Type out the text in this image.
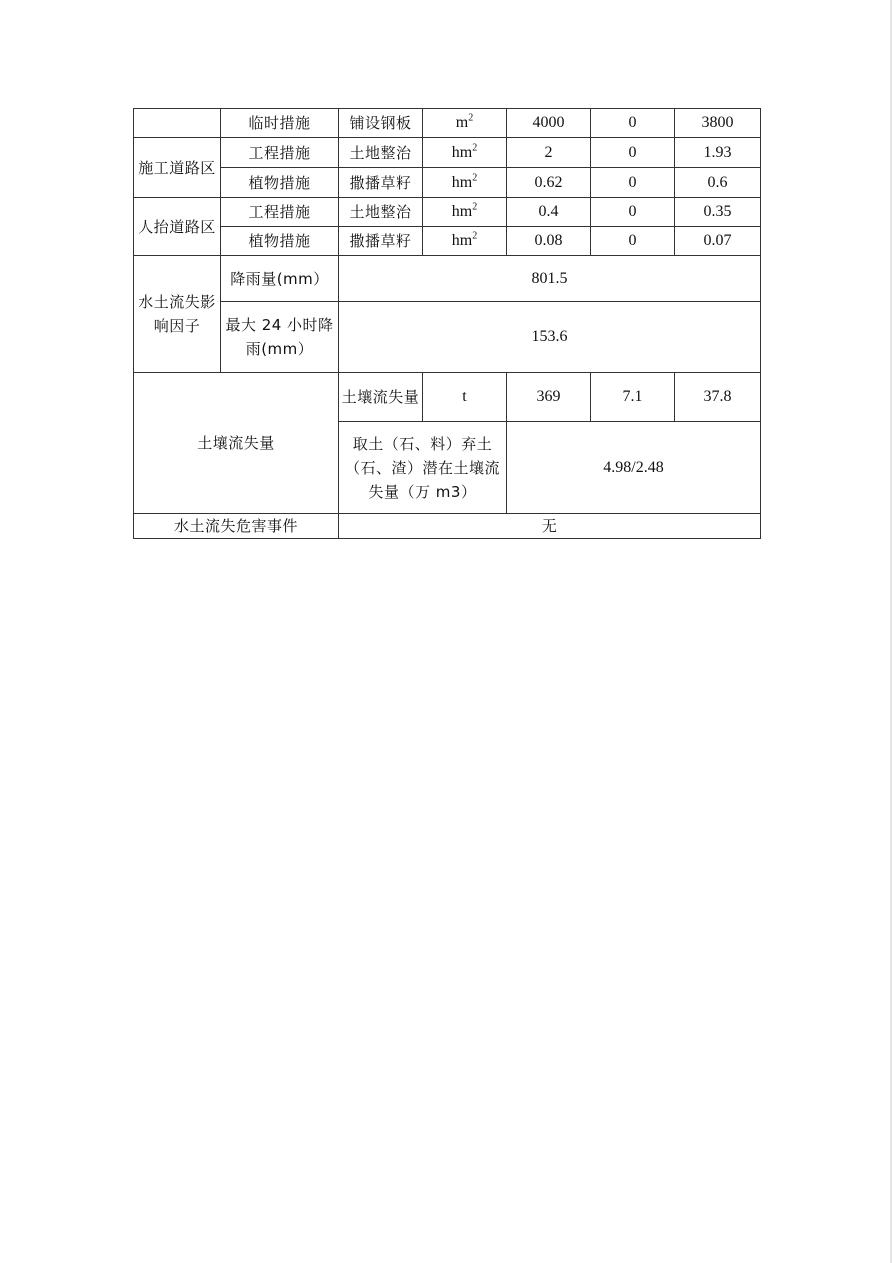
	临时措施	铺设钢板	$m^2$	4000	0	3800
施工道路区	工程措施	土地整治	$hm^2$	2	0	1.93
	植物措施	撒播草籽	$hm^2$	0.62	0	0.6
人抬道路区	工程措施	土地整治	$hm^2$	0.4	0	0.35
	植物措施	撒播草籽	$hm^2$	0.08	0	0.07
水土流失影响因子	降雨量(mm）	801.5				
	最大 24 小时降雨(mm）	153.6				
土壤流失量		土壤流失量	t	369	7.1	37.8
		取土（石、料）弃土（石、渣）潜在土壤流失量（万 m3）		4.98/2.48		
水土流失危害事件		无				
